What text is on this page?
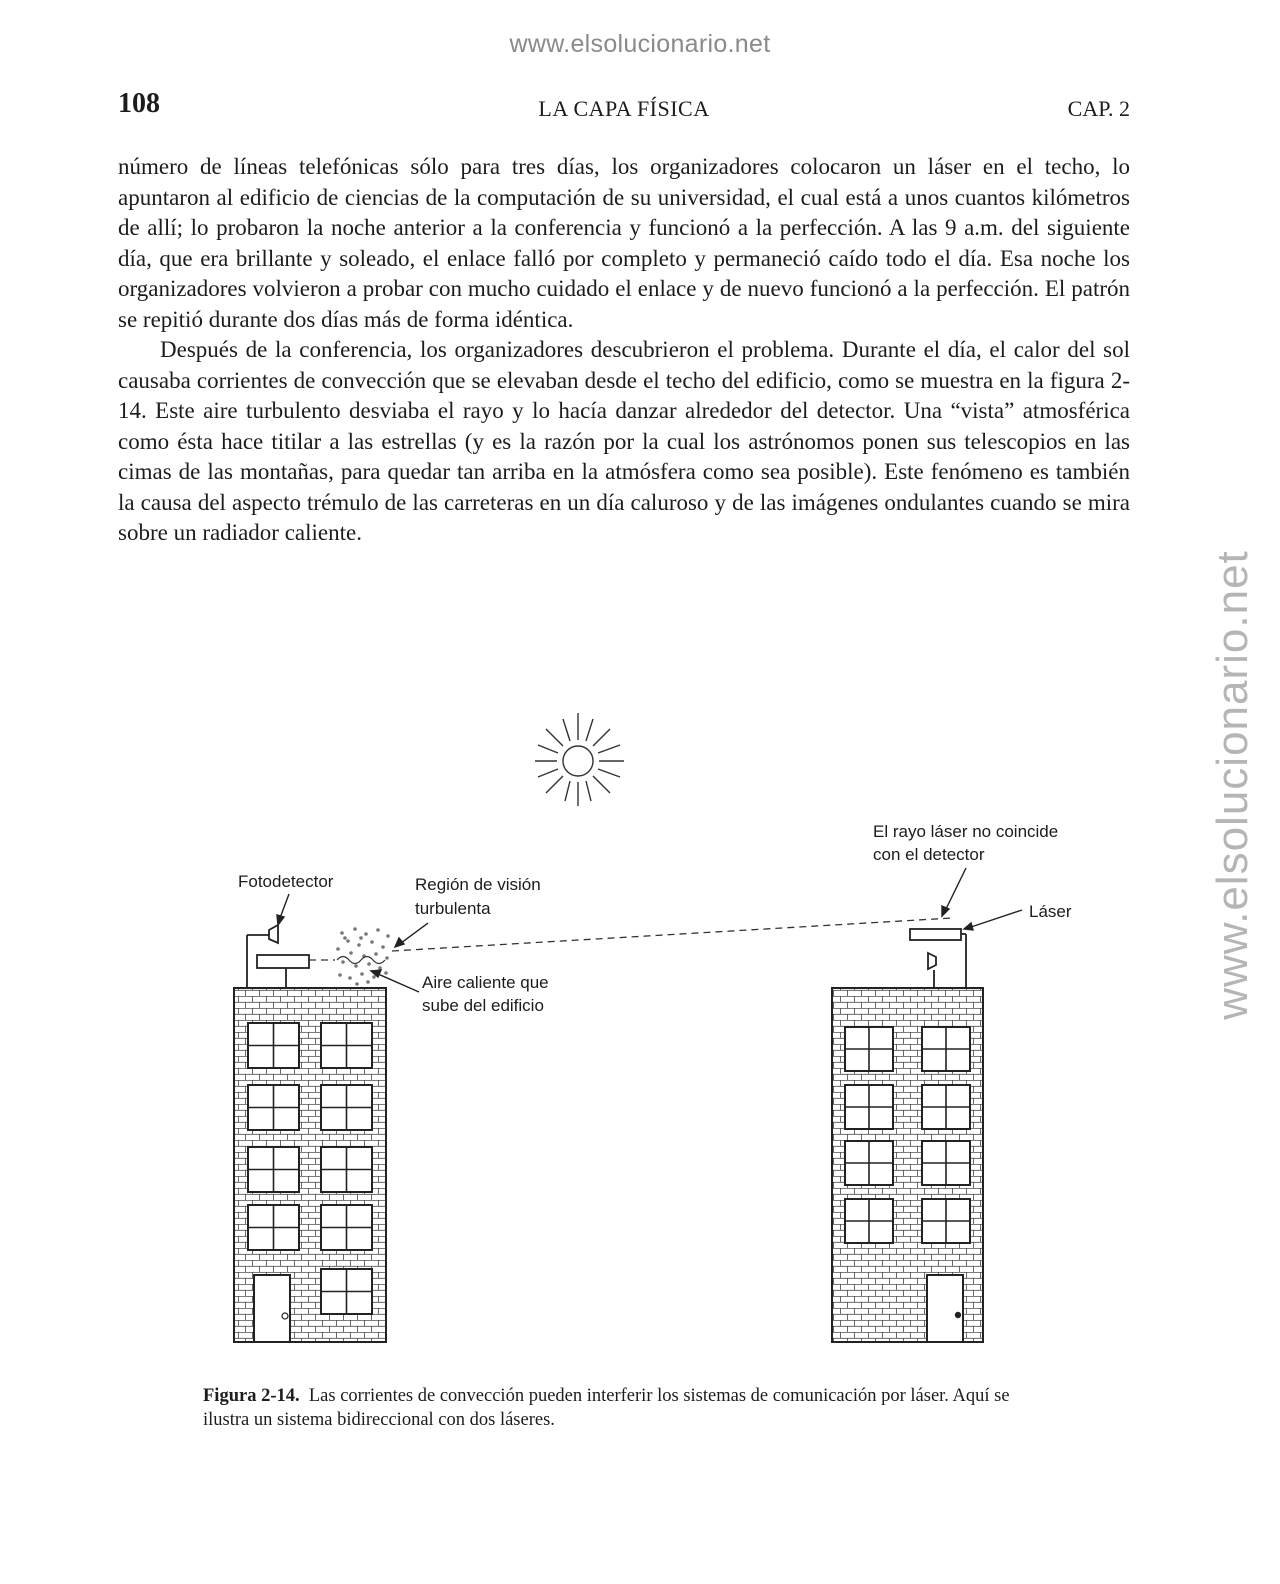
www.elsolucionario.net
www.elsolucionario.net
108	LA CAPA FÍSICA	CAP. 2

número de líneas telefónicas sólo para tres días, los organizadores colocaron un láser en el techo, lo apuntaron al edificio de ciencias de la computación de su universidad, el cual está a unos cuantos kilómetros de allí; lo probaron la noche anterior a la conferencia y funcionó a la perfección. A las 9 a.m. del siguiente día, que era brillante y soleado, el enlace falló por completo y permaneció caído todo el día. Esa noche los organizadores volvieron a probar con mucho cuidado el enlace y de nuevo funcionó a la perfección. El patrón se repitió durante dos días más de forma idéntica.

Después de la conferencia, los organizadores descubrieron el problema. Durante el día, el calor del sol causaba corrientes de convección que se elevaban desde el techo del edificio, como se muestra en la figura 2-14. Este aire turbulento desviaba el rayo y lo hacía danzar alrededor del detector. Una “vista” atmosférica como ésta hace titilar a las estrellas (y es la razón por la cual los astrónomos ponen sus telescopios en las cimas de las montañas, para quedar tan arriba en la atmósfera como sea posible). Este fenómeno es también la causa del aspecto trémulo de las carreteras en un día caluroso y de las imágenes ondulantes cuando se mira sobre un radiador caliente.

Fotodetector	Región de visión
turbulenta
Aire caliente que
sube del edificio
El rayo láser no coincide
con el detector
Láser
Figura 2-14. Las corrientes de convección pueden interferir los sistemas de comunicación por láser. Aquí se ilustra un sistema bidireccional con dos láseres.
